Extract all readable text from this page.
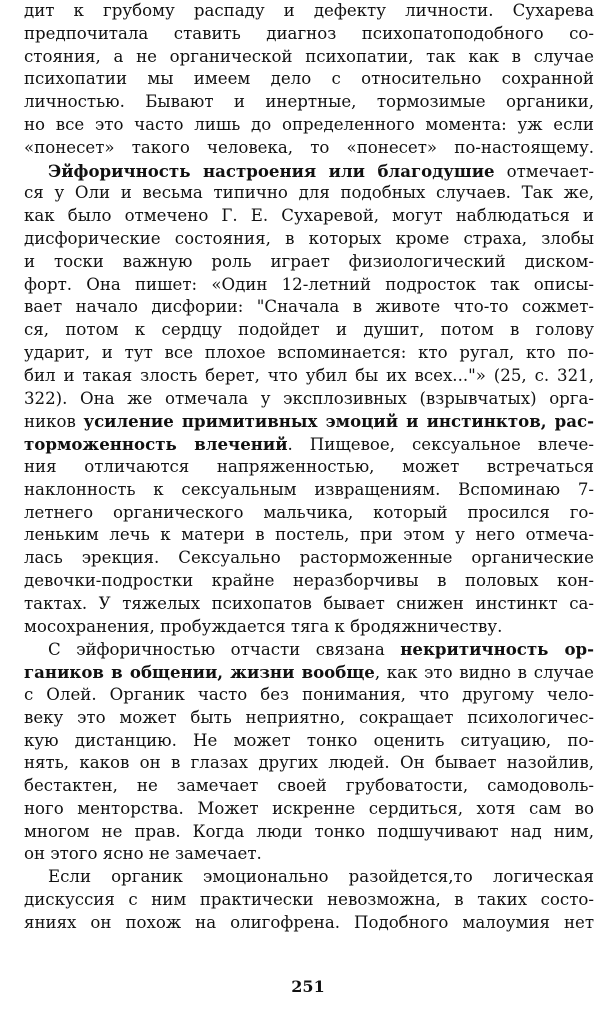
дит к грубому распаду и дефекту личности. Сухарева
предпочитала ставить диагноз психопатоподобного со-
стояния, а не органической психопатии, так как в случае
психопатии мы имеем дело с относительно сохранной
личностью. Бывают и инертные, тормозимые органики,
но все это часто лишь до определенного момента: уж если
«понесет» такого человека, то «понесет» по-настоящему.
Эйфоричность настроения или благодушие отмечает-
ся у Оли и весьма типично для подобных случаев. Так же,
как было отмечено Г. Е. Сухаревой, могут наблюдаться и
дисфорические состояния, в которых кроме страха, злобы
и тоски важную роль играет физиологический диском-
форт. Она пишет: «Один 12-летний подросток так описы-
вает начало дисфории: "Сначала в животе что-то сожмет-
ся, потом к сердцу подойдет и душит, потом в голову
ударит, и тут все плохое вспоминается: кто ругал, кто по-
бил и такая злость берет, что убил бы их всех..."» (25, с. 321,
322). Она же отмечала у эксплозивных (взрывчатых) орга-
ников усиление примитивных эмоций и инстинктов, рас-
торможенность влечений. Пищевое, сексуальное влече-
ния отличаются напряженностью, может встречаться
наклонность к сексуальным извращениям. Вспоминаю 7-
летнего органического мальчика, который просился го-
леньким лечь к матери в постель, при этом у него отмеча-
лась эрекция. Сексуально расторможенные органические
девочки-подростки крайне неразборчивы в половых кон-
тактах. У тяжелых психопатов бывает снижен инстинкт са-
мосохранения, пробуждается тяга к бродяжничеству.
С эйфоричностью отчасти связана некритичность ор-
гаников в общении, жизни вообще, как это видно в случае
с Олей. Органик часто без понимания, что другому чело-
веку это может быть неприятно, сокращает психологичес-
кую дистанцию. Не может тонко оценить ситуацию, по-
нять, каков он в глазах других людей. Он бывает назойлив,
бестактен, не замечает своей грубоватости, самодоволь-
ного менторства. Может искренне сердиться, хотя сам во
многом не прав. Когда люди тонко подшучивают над ним,
он этого ясно не замечает.
Если органик эмоционально разойдется,то логическая
дискуссия с ним практически невозможна, в таких состо-
яниях он похож на олигофрена. Подобного малоумия нет
251
